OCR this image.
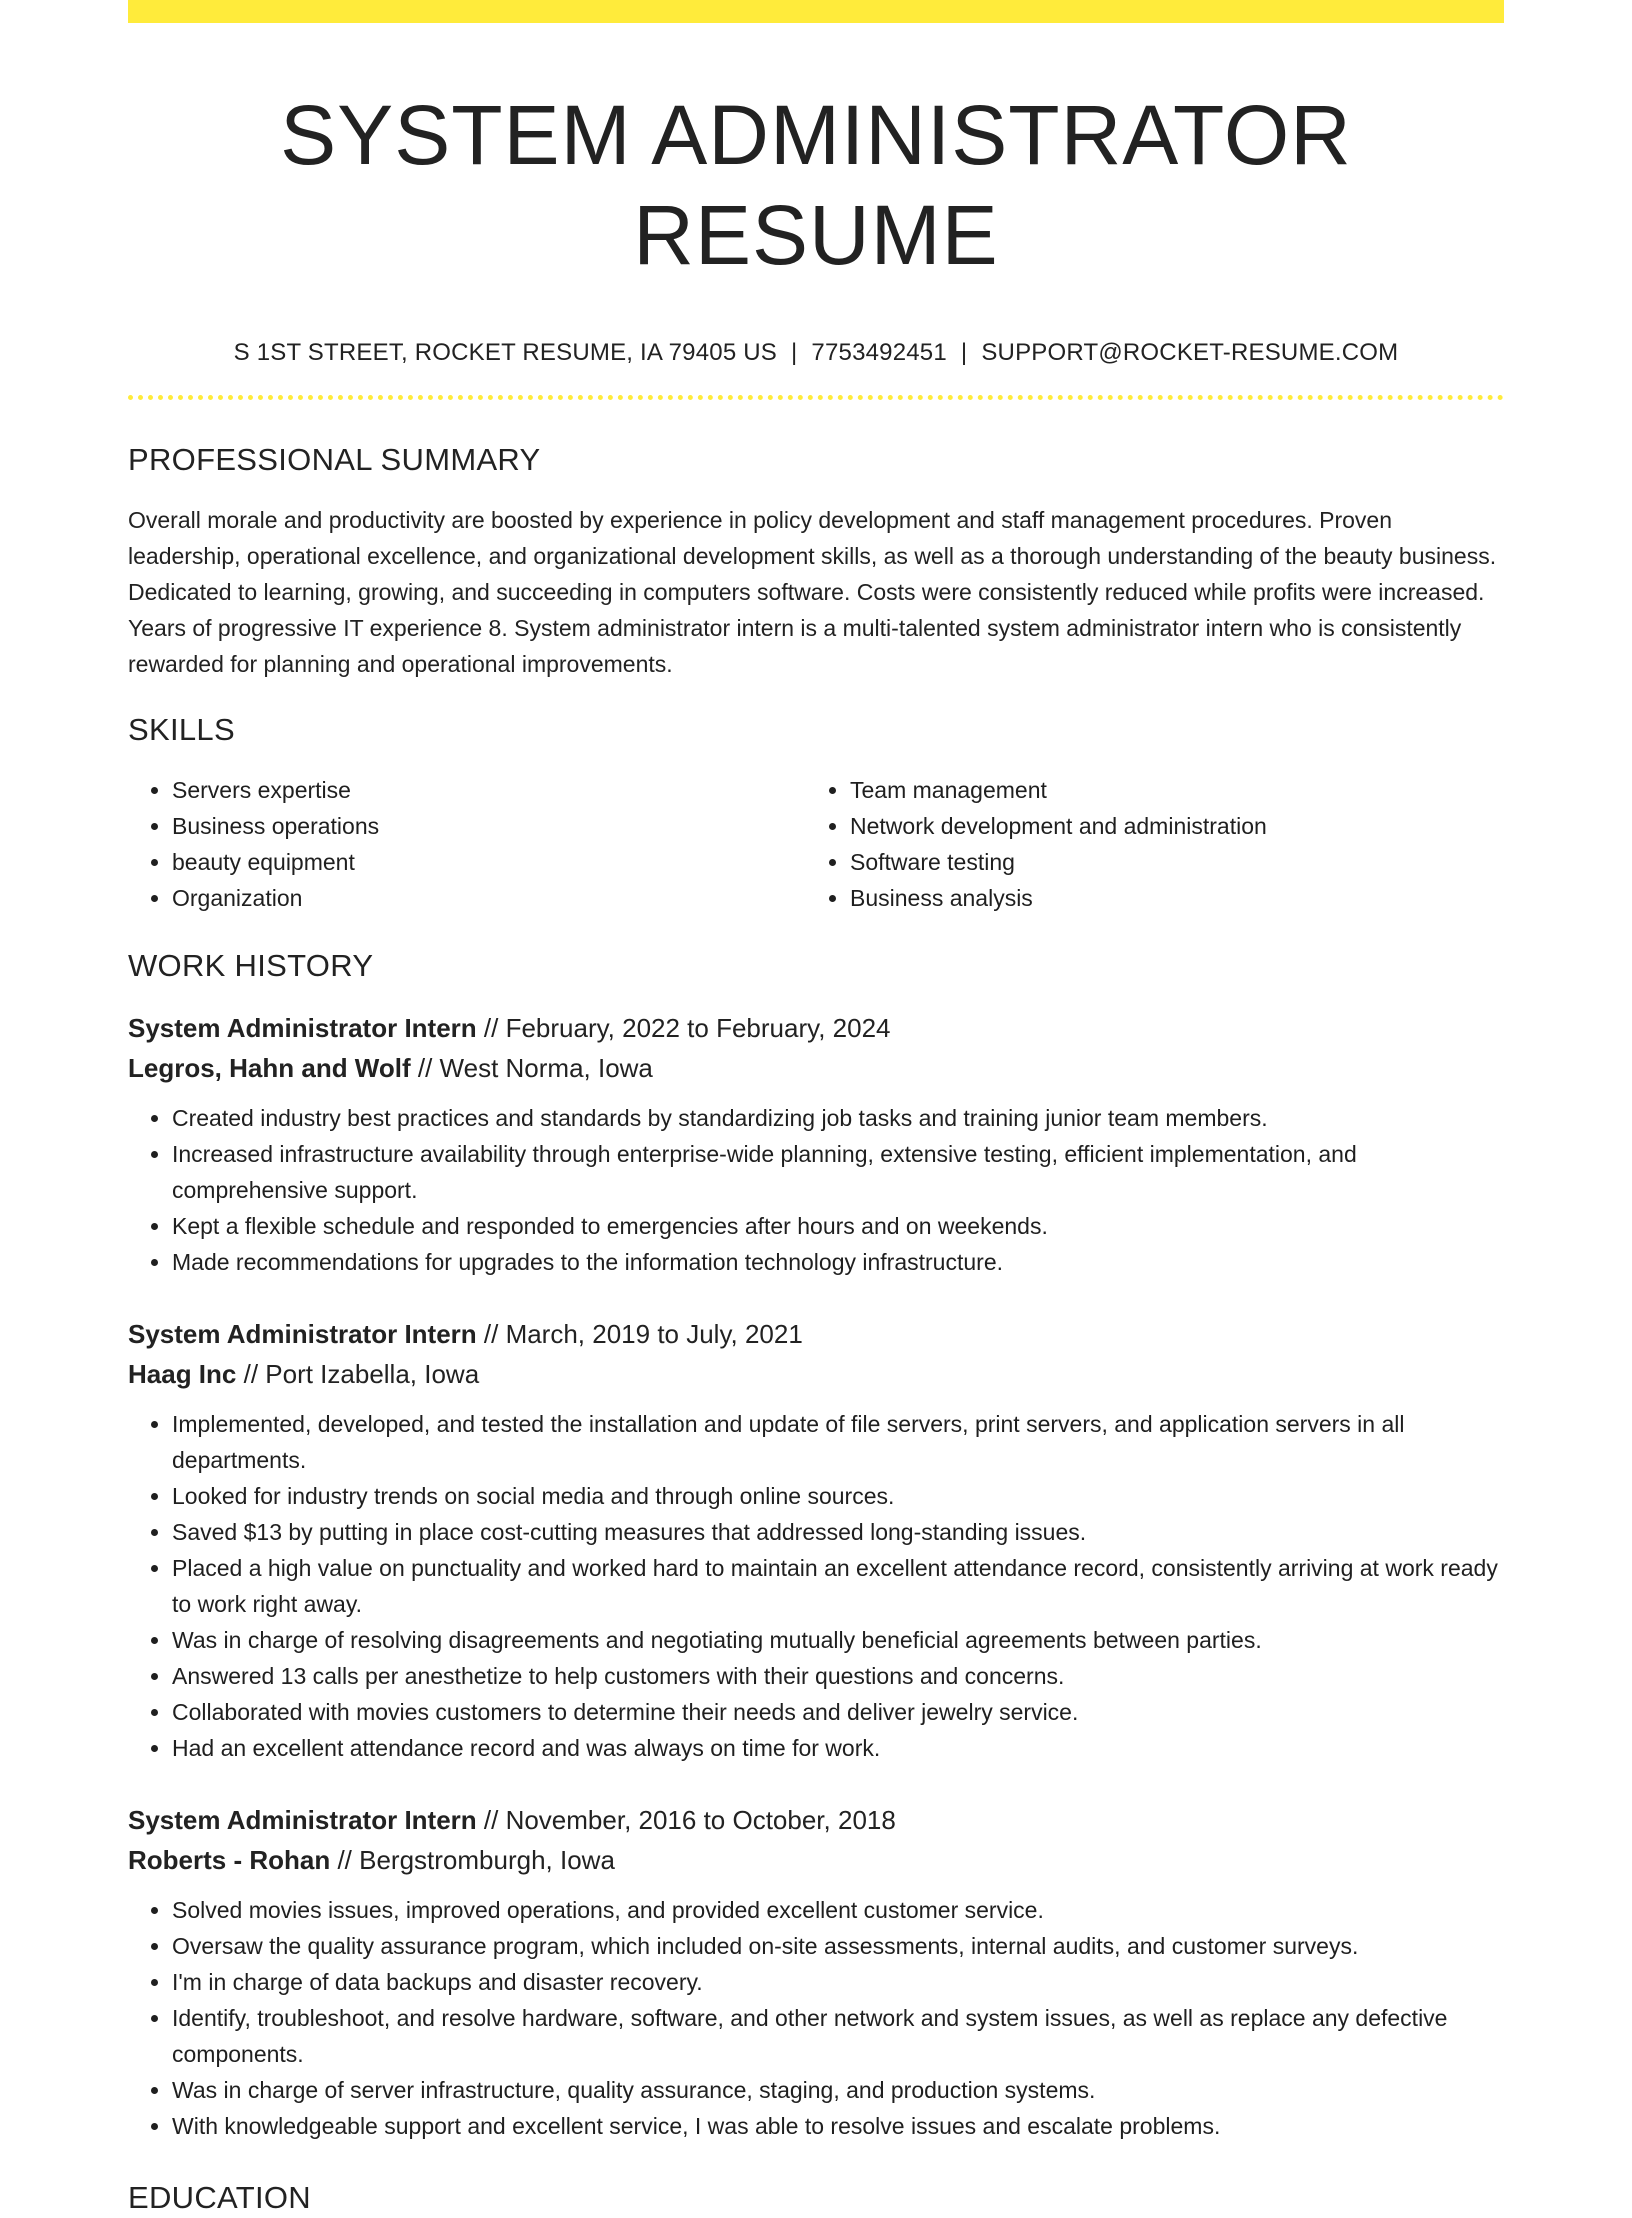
SYSTEM ADMINISTRATOR RESUME
S 1ST STREET, ROCKET RESUME, IA 79405 US | 7753492451 | SUPPORT@ROCKET-RESUME.COM
PROFESSIONAL SUMMARY

Overall morale and productivity are boosted by experience in policy development and staff management procedures. Proven leadership, operational excellence, and organizational development skills, as well as a thorough understanding of the beauty business. Dedicated to learning, growing, and succeeding in computers software. Costs were consistently reduced while profits were increased. Years of progressive IT experience 8. System administrator intern is a multi-talented system administrator intern who is consistently rewarded for planning and operational improvements.

SKILLS
• Servers expertise
• Business operations
• beauty equipment
• Organization
• Team management
• Network development and administration
• Software testing
• Business analysis
WORK HISTORY
System Administrator Intern // February, 2022 to February, 2024
Legros, Hahn and Wolf // West Norma, Iowa
• Created industry best practices and standards by standardizing job tasks and training junior team members.
• Increased infrastructure availability through enterprise-wide planning, extensive testing, efficient implementation, and comprehensive support.
• Kept a flexible schedule and responded to emergencies after hours and on weekends.
• Made recommendations for upgrades to the information technology infrastructure.
System Administrator Intern // March, 2019 to July, 2021
Haag Inc // Port Izabella, Iowa
• Implemented, developed, and tested the installation and update of file servers, print servers, and application servers in all departments.
• Looked for industry trends on social media and through online sources.
• Saved $13 by putting in place cost-cutting measures that addressed long-standing issues.
• Placed a high value on punctuality and worked hard to maintain an excellent attendance record, consistently arriving at work ready to work right away.
• Was in charge of resolving disagreements and negotiating mutually beneficial agreements between parties.
• Answered 13 calls per anesthetize to help customers with their questions and concerns.
• Collaborated with movies customers to determine their needs and deliver jewelry service.
• Had an excellent attendance record and was always on time for work.
System Administrator Intern // November, 2016 to October, 2018
Roberts - Rohan // Bergstromburgh, Iowa
• Solved movies issues, improved operations, and provided excellent customer service.
• Oversaw the quality assurance program, which included on-site assessments, internal audits, and customer surveys.
• I'm in charge of data backups and disaster recovery.
• Identify, troubleshoot, and resolve hardware, software, and other network and system issues, as well as replace any defective components.
• Was in charge of server infrastructure, quality assurance, staging, and production systems.
• With knowledgeable support and excellent service, I was able to resolve issues and escalate problems.
EDUCATION
